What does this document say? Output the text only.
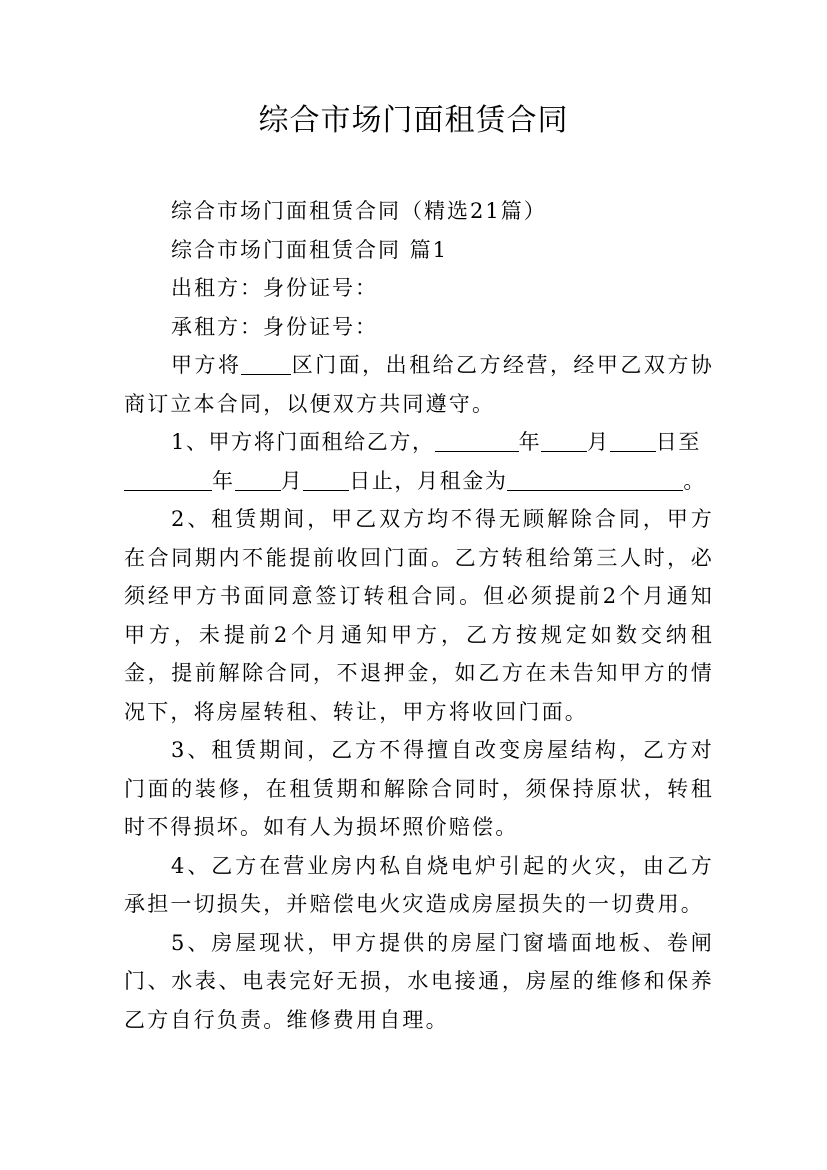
综合市场门面租赁合同

综合市场门面租赁合同（精选21篇）

综合市场门面租赁合同 篇1

出租方：身份证号：

承租方：身份证号：

甲方将 区门面，出租给乙方经营，经甲乙双方协商订立本合同，以便双方共同遵守。

1、甲方将门面租给乙方，	年 月 日至
年 月 日止，月租金为	。

2、租赁期间，甲乙双方均不得无顾解除合同，甲方在合同期内不能提前收回门面。乙方转租给第三人时，必须经甲方书面同意签订转租合同。但必须提前2个月通知甲方，未提前2个月通知甲方，乙方按规定如数交纳租金，提前解除合同，不退押金，如乙方在未告知甲方的情况下，将房屋转租、转让，甲方将收回门面。

3、租赁期间，乙方不得擅自改变房屋结构，乙方对门面的装修，在租赁期和解除合同时，须保持原状，转租时不得损坏。如有人为损坏照价赔偿。

4、乙方在营业房内私自烧电炉引起的火灾，由乙方承担一切损失，并赔偿电火灾造成房屋损失的一切费用。

5、房屋现状，甲方提供的房屋门窗墙面地板、卷闸门、水表、电表完好无损，水电接通，房屋的维修和保养乙方自行负责。维修费用自理。
